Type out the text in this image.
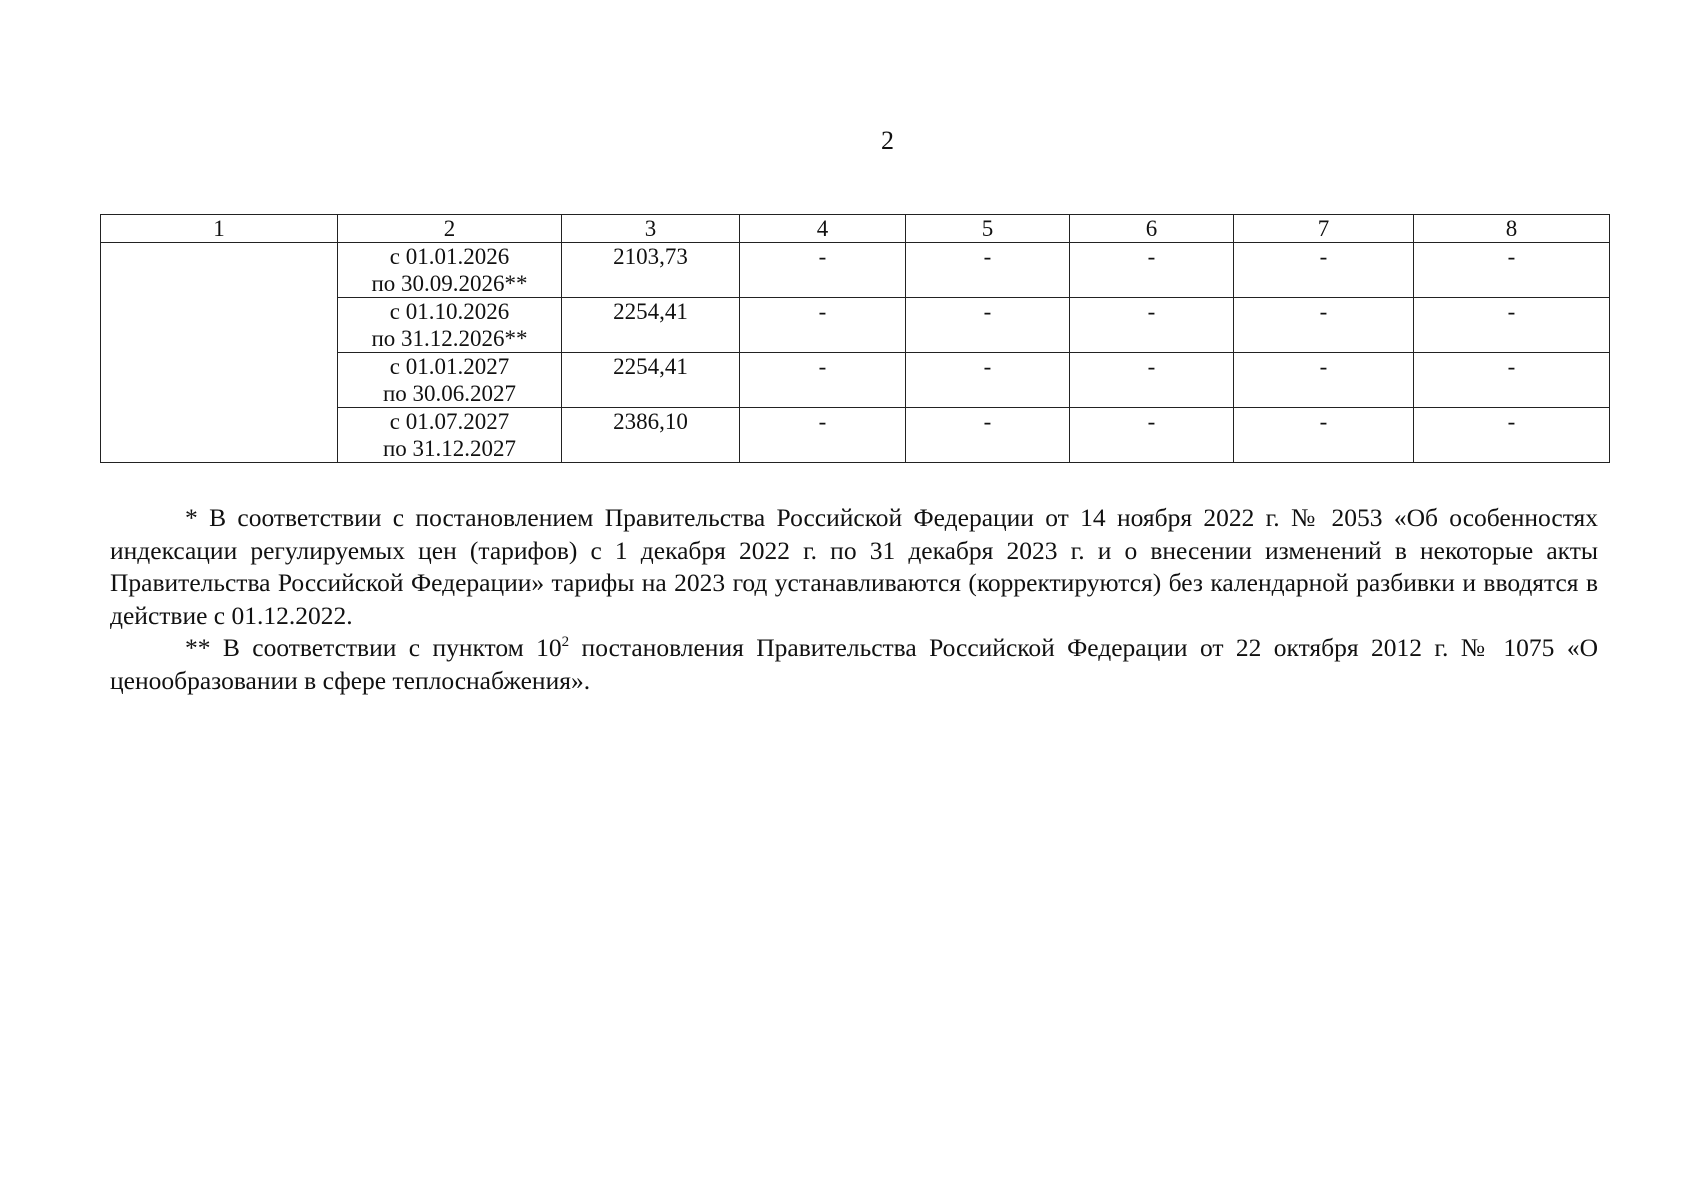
2
1	2	3	4	5	6	7	8

	с 01.01.2026
по 30.09.2026**	2103,73	-	-	-	-	-

	с 01.10.2026
по 31.12.2026**	2254,41	-	-	-	-	-

	с 01.01.2027
по 30.06.2027	2254,41	-	-	-	-	-

	с 01.07.2027
по 31.12.2027	2386,10	-	-	-	-	-

* В соответствии с постановлением Правительства Российской Федерации от 14 ноября 2022 г. № 2053 «Об особенностях индексации регулируемых цен (тарифов) с 1 декабря 2022 г. по 31 декабря 2023 г. и о внесении изменений в некоторые акты Правительства Российской Федерации» тарифы на 2023 год устанавливаются (корректируются) без календарной разбивки и вводятся в действие с 01.12.2022.

** В соответствии с пунктом $10^2$ постановления Правительства Российской Федерации от 22 октября 2012 г. № 1075 «О ценообразовании в сфере теплоснабжения».
